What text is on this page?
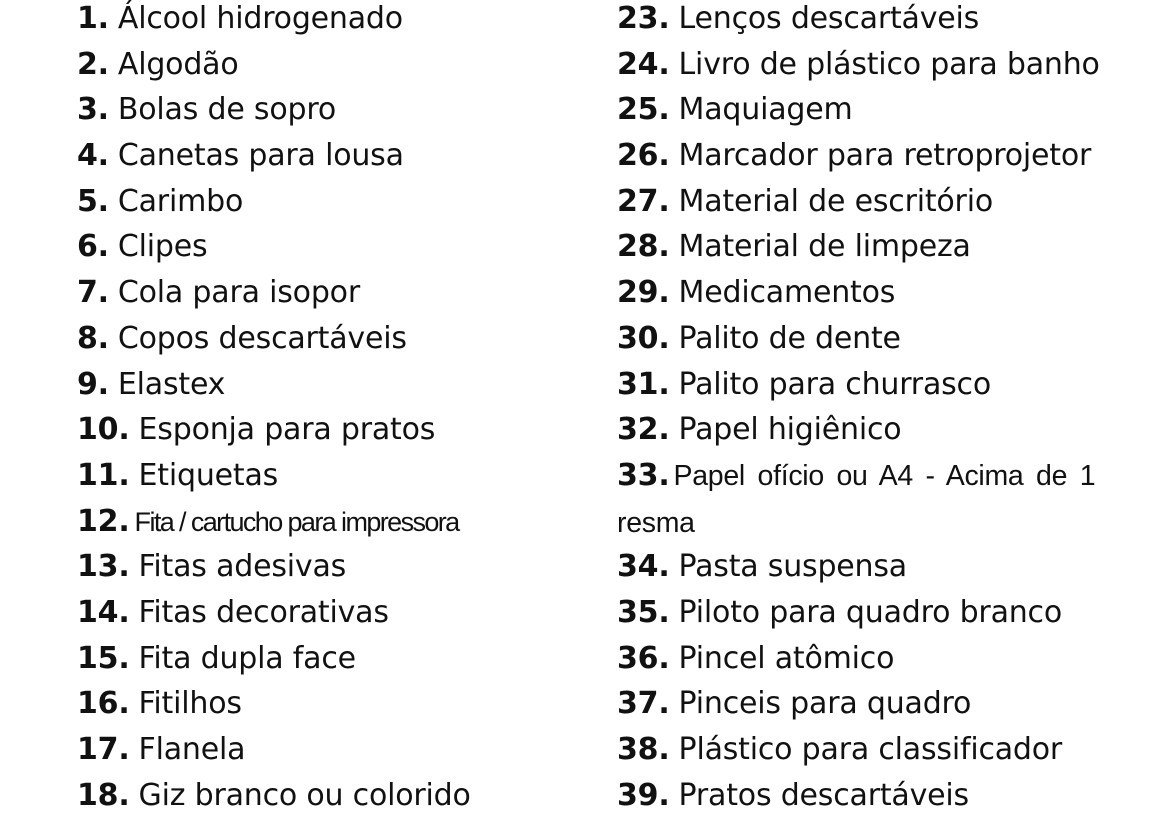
1. Álcool hidrogenado
2. Algodão
3. Bolas de sopro
4. Canetas para lousa
5. Carimbo
6. Clipes
7. Cola para isopor
8. Copos descartáveis
9. Elastex
10. Esponja para pratos
11. Etiquetas
12. Fita / cartucho para impressora
13. Fitas adesivas
14. Fitas decorativas
15. Fita dupla face
16. Fitilhos
17. Flanela
18. Giz branco ou colorido
23. Lenços descartáveis
24. Livro de plástico para banho
25. Maquiagem
26. Marcador para retroprojetor
27. Material de escritório
28. Material de limpeza
29. Medicamentos
30. Palito de dente
31. Palito para churrasco
32. Papel higiênico
33. Papel ofício ou A4 - Acima de 1 resma
34. Pasta suspensa
35. Piloto para quadro branco
36. Pincel atômico
37. Pinceis para quadro
38. Plástico para classificador
39. Pratos descartáveis
